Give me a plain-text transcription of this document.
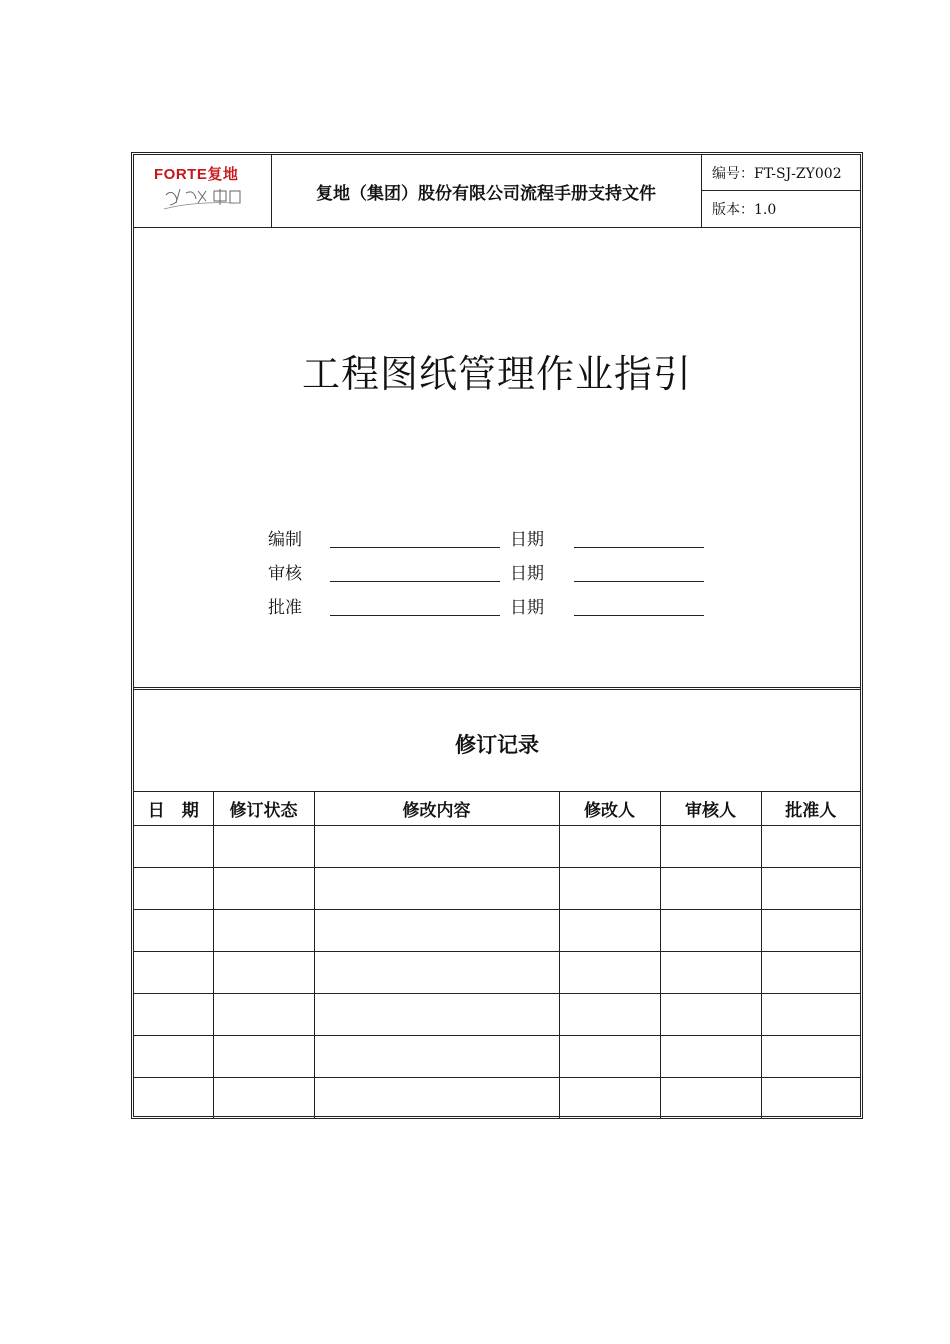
FORTE复地
复地（集团）股份有限公司流程手册支持文件
编号：FT-SJ-ZY002
版本：1.0
工程图纸管理作业指引
编制	日期
审核	日期
批准	日期
修订记录
日　期	修订状态	修改内容	修改人	审核人	批准人
